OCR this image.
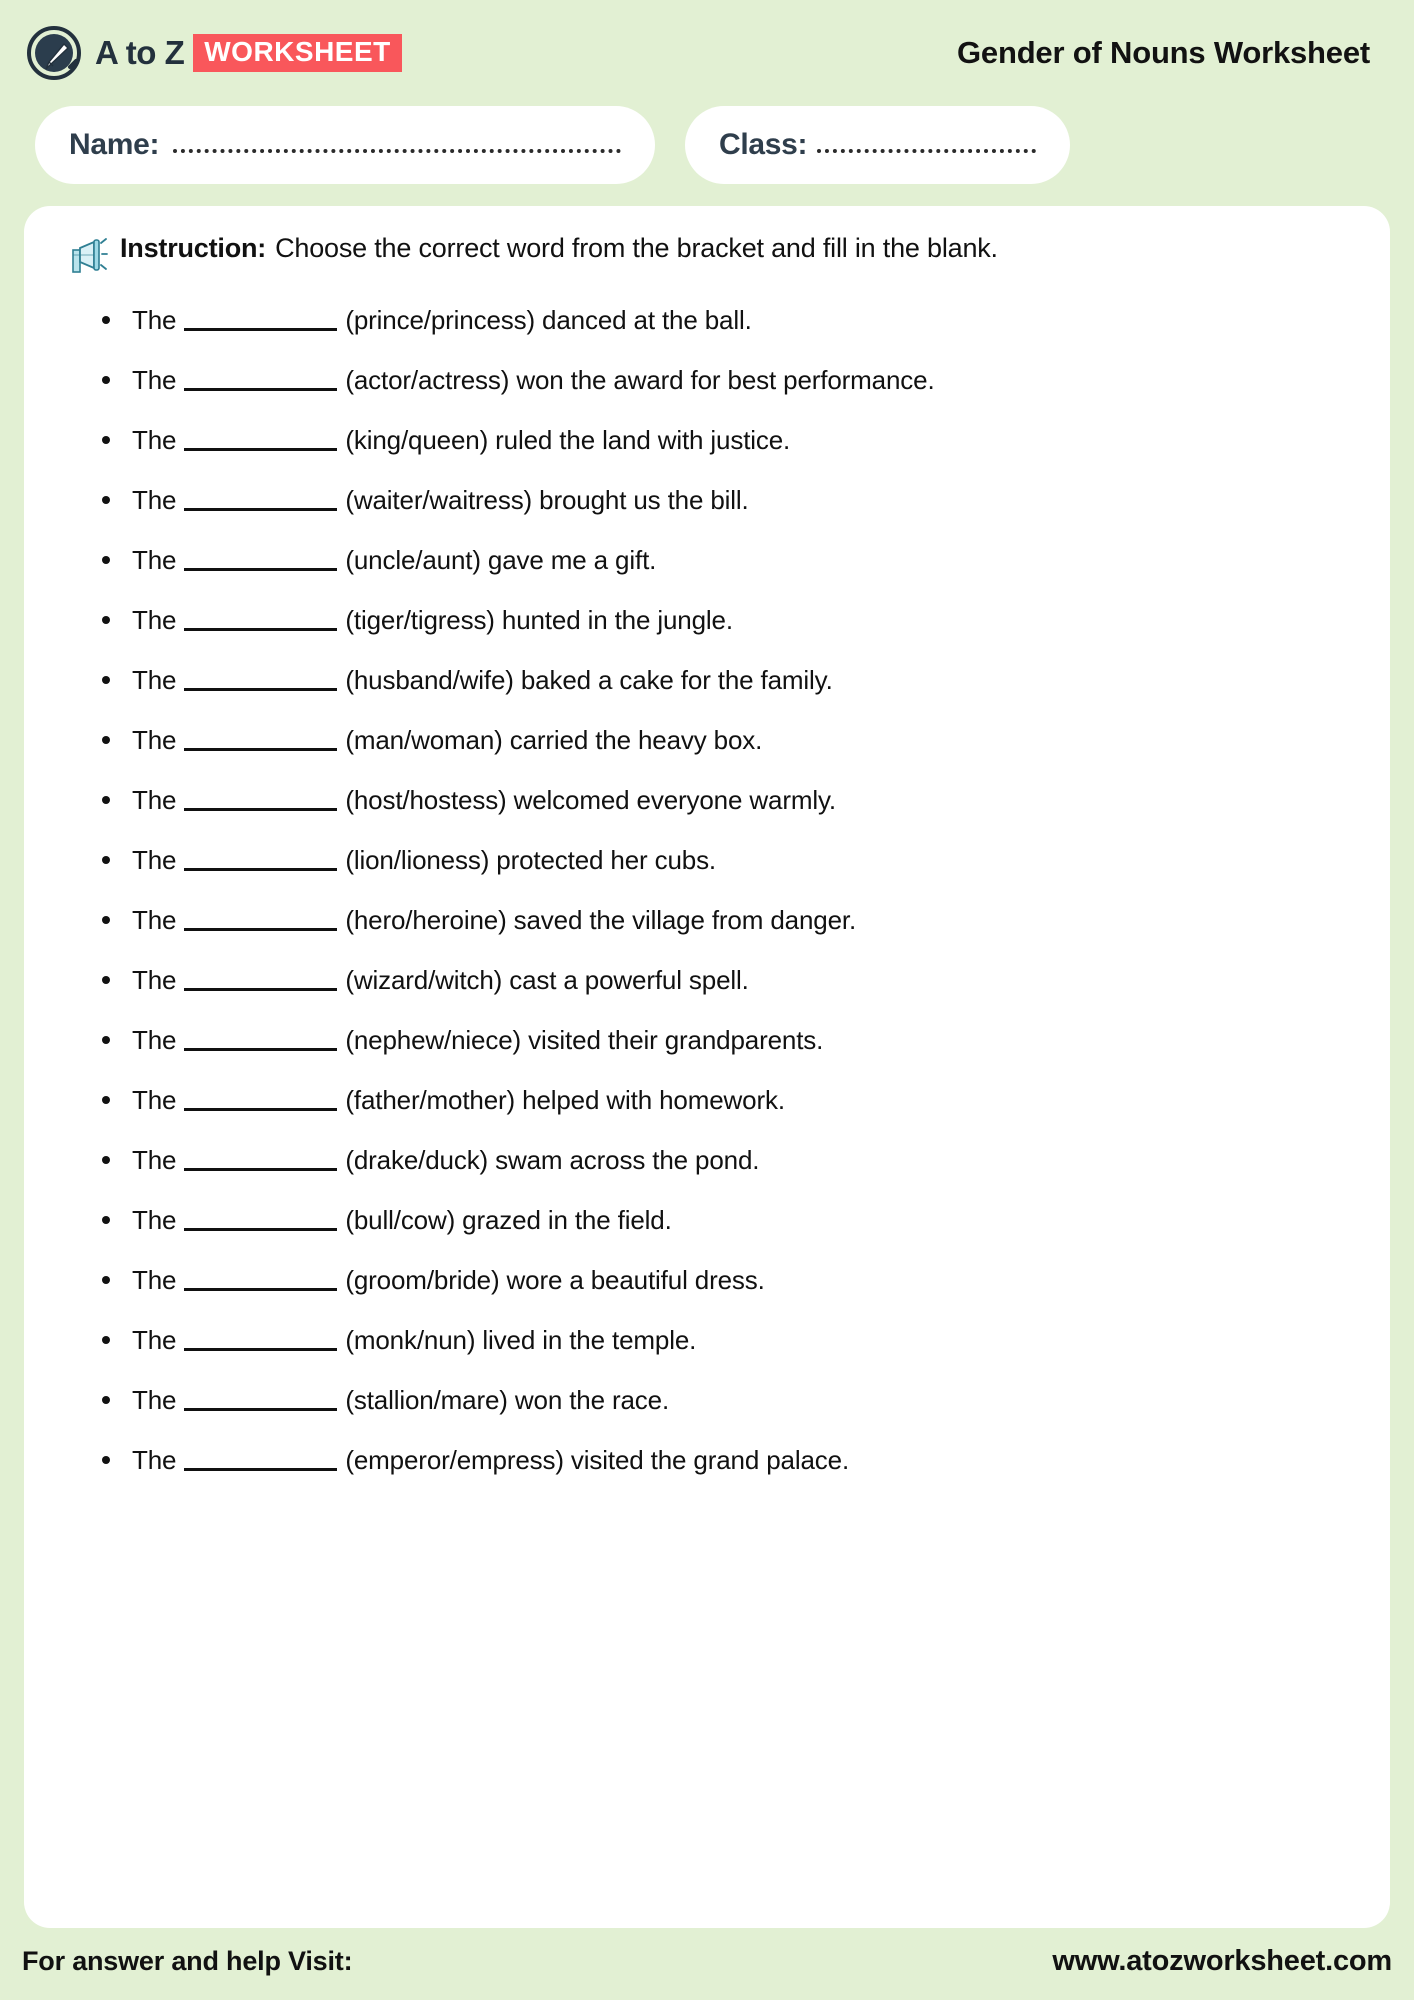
A to Z WORKSHEET	Gender of Nouns Worksheet
Name:	Class:
Instruction: Choose the correct word from the bracket and fill in the blank.
The	(prince/princess) danced at the ball.
The	(actor/actress) won the award for best performance.
The	(king/queen) ruled the land with justice.
The	(waiter/waitress) brought us the bill.
The	(uncle/aunt) gave me a gift.
The	(tiger/tigress) hunted in the jungle.
The	(husband/wife) baked a cake for the family.
The	(man/woman) carried the heavy box.
The	(host/hostess) welcomed everyone warmly.
The	(lion/lioness) protected her cubs.
The	(hero/heroine) saved the village from danger.
The	(wizard/witch) cast a powerful spell.
The	(nephew/niece) visited their grandparents.
The	(father/mother) helped with homework.
The	(drake/duck) swam across the pond.
The	(bull/cow) grazed in the field.
The	(groom/bride) wore a beautiful dress.
The	(monk/nun) lived in the temple.
The	(stallion/mare) won the race.
The	(emperor/empress) visited the grand palace.
For answer and help Visit:	www.atozworksheet.com
